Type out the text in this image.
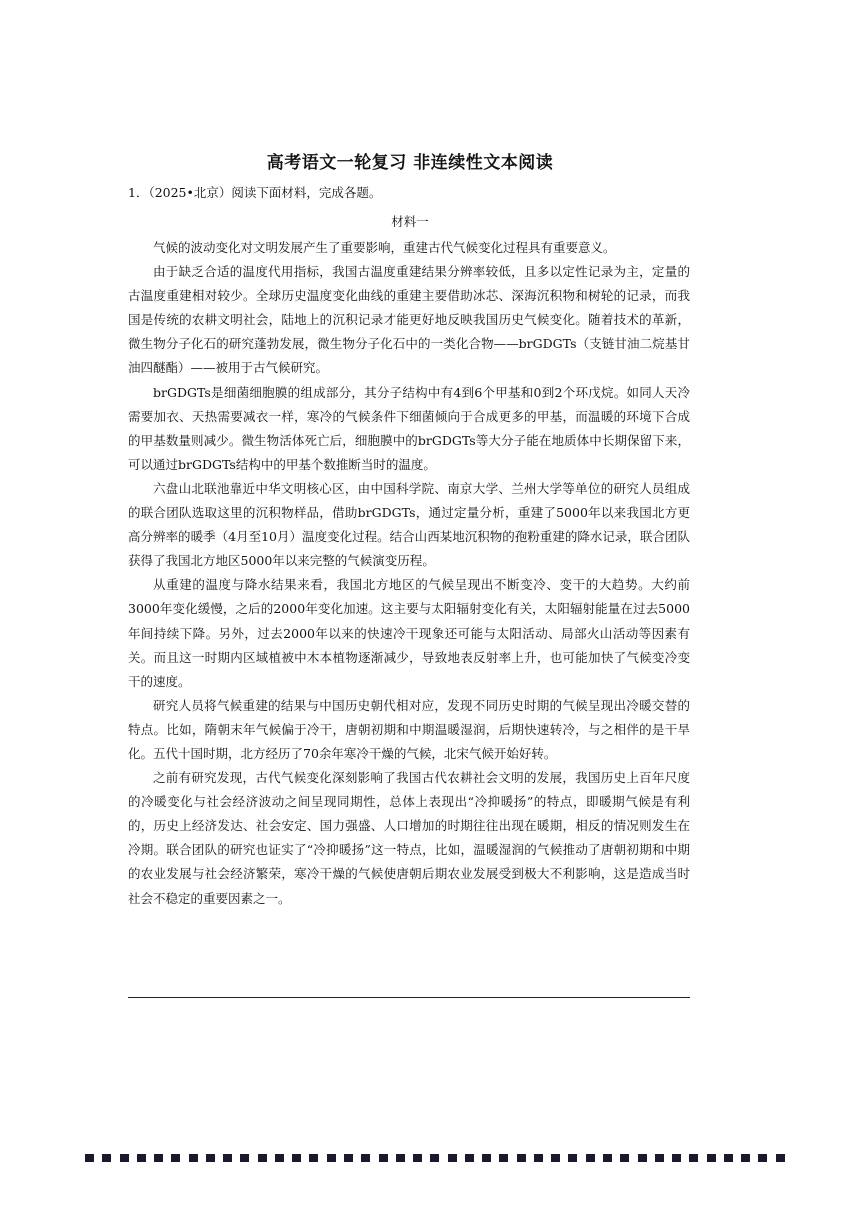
高考语文一轮复习 非连续性文本阅读
1．（2025•北京）阅读下面材料，完成各题。
材料一

气候的波动变化对文明发展产生了重要影响，重建古代气候变化过程具有重要意义。

由于缺乏合适的温度代用指标，我国古温度重建结果分辨率较低，且多以定性记录为主，定量的古温度重建相对较少。全球历史温度变化曲线的重建主要借助冰芯、深海沉积物和树轮的记录，而我国是传统的农耕文明社会，陆地上的沉积记录才能更好地反映我国历史气候变化。随着技术的革新，微生物分子化石的研究蓬勃发展，微生物分子化石中的一类化合物——brGDGTs（支链甘油二烷基甘油四醚酯）——被用于古气候研究。

brGDGTs是细菌细胞膜的组成部分，其分子结构中有4到6个甲基和0到2个环戊烷。如同人天冷需要加衣、天热需要减衣一样，寒冷的气候条件下细菌倾向于合成更多的甲基，而温暖的环境下合成的甲基数量则减少。微生物活体死亡后，细胞膜中的brGDGTs等大分子能在地质体中长期保留下来，可以通过brGDGTs结构中的甲基个数推断当时的温度。

六盘山北联池靠近中华文明核心区，由中国科学院、南京大学、兰州大学等单位的研究人员组成的联合团队选取这里的沉积物样品，借助brGDGTs，通过定量分析，重建了5000年以来我国北方更高分辨率的暖季（4月至10月）温度变化过程。结合山西某地沉积物的孢粉重建的降水记录，联合团队获得了我国北方地区5000年以来完整的气候演变历程。

从重建的温度与降水结果来看，我国北方地区的气候呈现出不断变冷、变干的大趋势。大约前3000年变化缓慢，之后的2000年变化加速。这主要与太阳辐射变化有关，太阳辐射能量在过去5000年间持续下降。另外，过去2000年以来的快速冷干现象还可能与太阳活动、局部火山活动等因素有关。而且这一时期内区域植被中木本植物逐渐减少，导致地表反射率上升，也可能加快了气候变冷变干的速度。

研究人员将气候重建的结果与中国历史朝代相对应，发现不同历史时期的气候呈现出冷暖交替的特点。比如，隋朝末年气候偏于冷干，唐朝初期和中期温暖湿润，后期快速转冷，与之相伴的是干旱化。五代十国时期，北方经历了70余年寒冷干燥的气候，北宋气候开始好转。

之前有研究发现，古代气候变化深刻影响了我国古代农耕社会文明的发展，我国历史上百年尺度的冷暖变化与社会经济波动之间呈现同期性，总体上表现出“冷抑暖扬”的特点，即暖期气候是有利的，历史上经济发达、社会安定、国力强盛、人口增加的时期往往出现在暖期，相反的情况则发生在冷期。联合团队的研究也证实了“冷抑暖扬”这一特点，比如，温暖湿润的气候推动了唐朝初期和中期的农业发展与社会经济繁荣，寒冷干燥的气候使唐朝后期农业发展受到极大不利影响，这是造成当时社会不稳定的重要因素之一。
